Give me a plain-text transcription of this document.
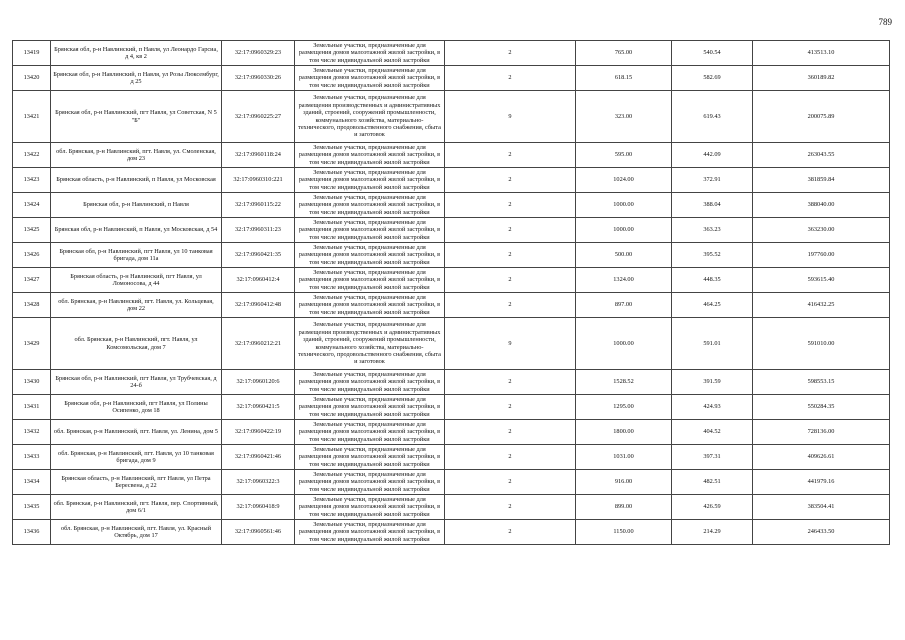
789
13419	Брянская обл, р-н Навлинский, п Навля, ул Леонардо Гарсиа, д 4, кв 2	32:17:0960329:23	Земельные участки, предназначенные для размещения домов малоэтажной жилой застройки, в том числе индивидуальной жилой застройки	2	765.00	540.54	413513.10
13420	Брянская обл, р-н Навлинский, п Навля, ул Розы Люксембург, д 25	32:17:0960330:26	Земельные участки, предназначенные для размещения домов малоэтажной жилой застройки, в том числе индивидуальной жилой застройки	2	618.15	582.69	360189.82
13421	Брянская обл, р-н Навлинский, пгт Навля, ул Советская, N 5 "Б"	32:17:0960225:27	Земельные участки, предназначенные для размещения производственных и административных зданий, строений, сооружений промышленности, коммунального хозяйства, материально-технического, продовольственного снабжения, сбыта и заготовок	9	323.00	619.43	200075.89
13422	обл. Брянская, р-н Навлинский, пгт. Навля, ул. Смоленская, дом 23	32:17:0960118:24	Земельные участки, предназначенные для размещения домов малоэтажной жилой застройки, в том числе индивидуальной жилой застройки	2	595.00	442.09	263043.55
13423	Брянская область, р-н Навлинский, п Навля, ул Московская	32:17:0960310:221	Земельные участки, предназначенные для размещения домов малоэтажной жилой застройки, в том числе индивидуальной жилой застройки	2	1024.00	372.91	381859.84
13424	Брянская обл, р-н Навлинский, п Навля	32:17:0960115:22	Земельные участки, предназначенные для размещения домов малоэтажной жилой застройки, в том числе индивидуальной жилой застройки	2	1000.00	388.04	388040.00
13425	Брянская обл, р-н Навлинский, п Навля, ул Московская, д 54	32:17:0960311:23	Земельные участки, предназначенные для размещения домов малоэтажной жилой застройки, в том числе индивидуальной жилой застройки	2	1000.00	363.23	363230.00
13426	Брянская обл, р-н Навлинский, пгт Навля, ул 10 танковая бригада, дом 11а	32:17:0960421:35	Земельные участки, предназначенные для размещения домов малоэтажной жилой застройки, в том числе индивидуальной жилой застройки	2	500.00	395.52	197760.00
13427	Брянская область, р-н Навлинский, пгт Навля, ул Ломоносова, д 44	32:17:0960412:4	Земельные участки, предназначенные для размещения домов малоэтажной жилой застройки, в том числе индивидуальной жилой застройки	2	1324.00	448.35	593615.40
13428	обл. Брянская, р-н Навлинский, пгт. Навля, ул. Кольцевая, дом 22	32:17:0960412:48	Земельные участки, предназначенные для размещения домов малоэтажной жилой застройки, в том числе индивидуальной жилой застройки	2	897.00	464.25	416432.25
13429	обл. Брянская, р-н Навлинский, пгт. Навля, ул Комсомольская, дом 7	32:17:0960212:21	Земельные участки, предназначенные для размещения производственных и административных зданий, строений, сооружений промышленности, коммунального хозяйства, материально-технического, продовольственного снабжения, сбыта и заготовок	9	1000.00	591.01	591010.00
13430	Брянская обл, р-н Навлинский, пгт Навля, ул Трубчевская, д 24-б	32:17:0960120:6	Земельные участки, предназначенные для размещения домов малоэтажной жилой застройки, в том числе индивидуальной жилой застройки	2	1528.52	391.59	598553.15
13431	Брянская обл, р-н Навлинский, пгт Навля, ул Полины Осипенко, дом 18	32:17:0960421:5	Земельные участки, предназначенные для размещения домов малоэтажной жилой застройки, в том числе индивидуальной жилой застройки	2	1295.00	424.93	550284.35
13432	обл. Брянская, р-н Навлинский, пгт. Навля, ул. Ленина, дом 5	32:17:0960422:19	Земельные участки, предназначенные для размещения домов малоэтажной жилой застройки, в том числе индивидуальной жилой застройки	2	1800.00	404.52	728136.00
13433	обл. Брянская, р-н Навлинский, пгт. Навля, ул 10 танковая бригада, дом 9	32:17:0960421:46	Земельные участки, предназначенные для размещения домов малоэтажной жилой застройки, в том числе индивидуальной жилой застройки	2	1031.00	397.31	409626.61
13434	Брянская область, р-н Навлинский, пгт Навля, ул Петра Бересвена, д 22	32:17:0960322:3	Земельные участки, предназначенные для размещения домов малоэтажной жилой застройки, в том числе индивидуальной жилой застройки	2	916.00	482.51	441979.16
13435	обл. Брянская, р-н Навлинский, пгт. Навля, пер. Спортивный, дом 6/1	32:17:0960418:9	Земельные участки, предназначенные для размещения домов малоэтажной жилой застройки, в том числе индивидуальной жилой застройки	2	899.00	426.59	383504.41
13436	обл. Брянская, р-н Навлинский, пгт. Навля, ул. Красный Октябрь, дом 17	32:17:0960561:46	Земельные участки, предназначенные для размещения домов малоэтажной жилой застройки, в том числе индивидуальной жилой застройки	2	1150.00	214.29	246433.50
